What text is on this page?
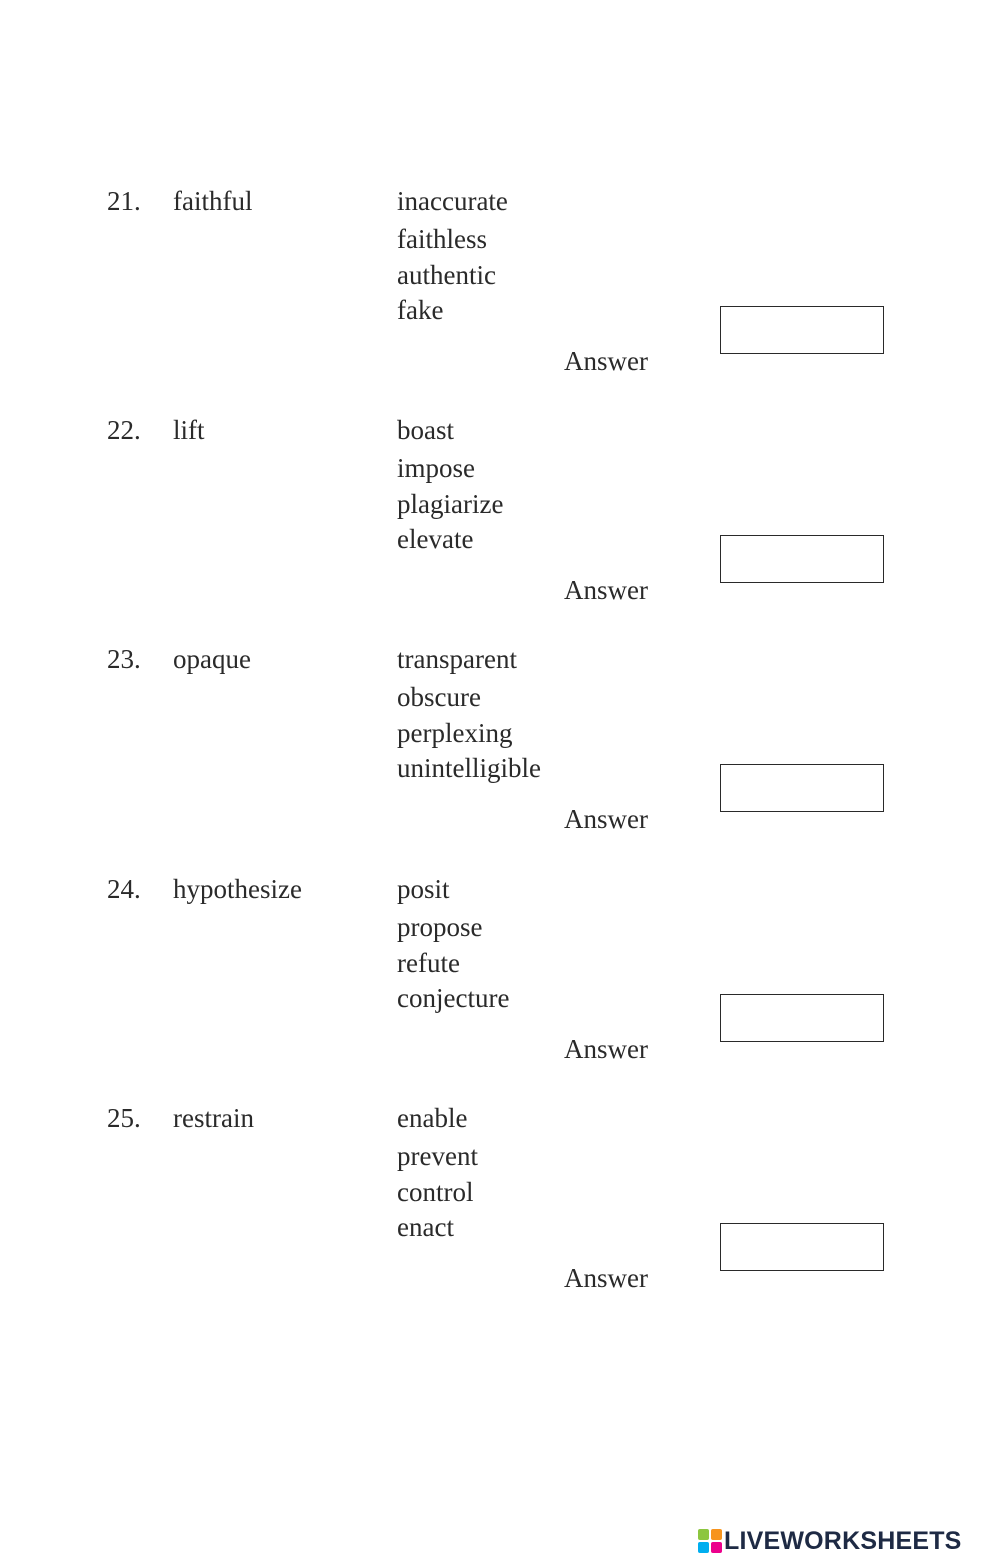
21. faithful	inaccurate
faithless
authentic
fake
Answer
22. lift	boast
impose
plagiarize
elevate
Answer
23. opaque	transparent
obscure
perplexing
unintelligible
Answer
24. hypothesize	posit
propose
refute
conjecture
Answer
25. restrain	enable
prevent
control
enact
Answer
LIVEWORKSHEETS
